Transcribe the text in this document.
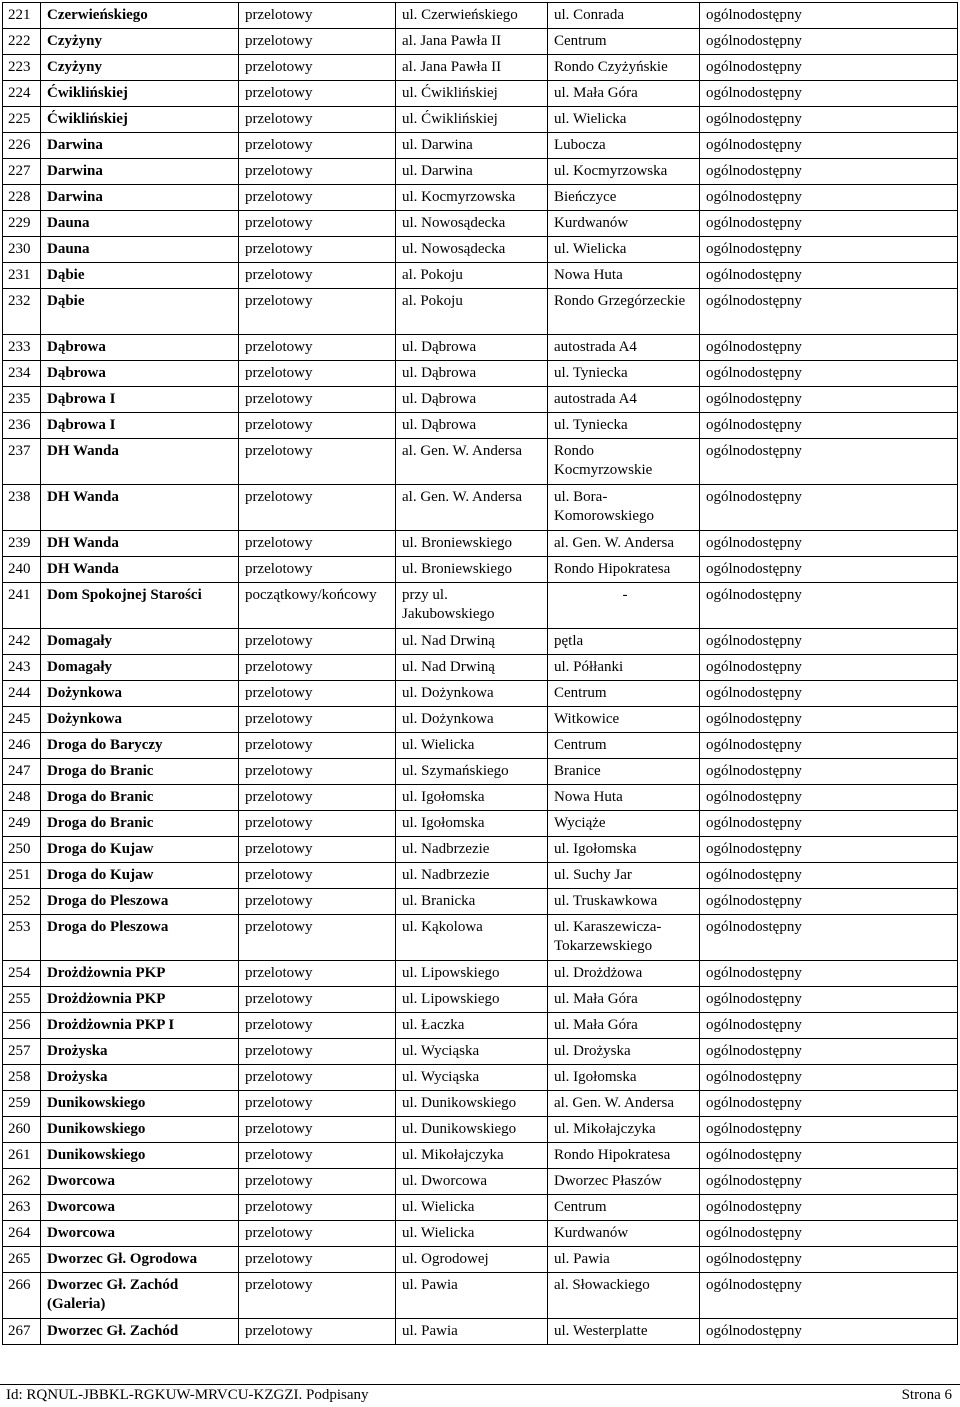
221	Czerwieńskiego	przelotowy	ul. Czerwieńskiego	ul. Conrada	ogólnodostępny
222	Czyżyny	przelotowy	al. Jana Pawła II	Centrum	ogólnodostępny
223	Czyżyny	przelotowy	al. Jana Pawła II	Rondo Czyżyńskie	ogólnodostępny
224	Ćwiklińskiej	przelotowy	ul. Ćwiklińskiej	ul. Mała Góra	ogólnodostępny
225	Ćwiklińskiej	przelotowy	ul. Ćwiklińskiej	ul. Wielicka	ogólnodostępny
226	Darwina	przelotowy	ul. Darwina	Lubocza	ogólnodostępny
227	Darwina	przelotowy	ul. Darwina	ul. Kocmyrzowska	ogólnodostępny
228	Darwina	przelotowy	ul. Kocmyrzowska	Bieńczyce	ogólnodostępny
229	Dauna	przelotowy	ul. Nowosądecka	Kurdwanów	ogólnodostępny
230	Dauna	przelotowy	ul. Nowosądecka	ul. Wielicka	ogólnodostępny
231	Dąbie	przelotowy	al. Pokoju	Nowa Huta	ogólnodostępny
232	Dąbie	przelotowy	al. Pokoju	Rondo Grzegórzeckie	ogólnodostępny
233	Dąbrowa	przelotowy	ul. Dąbrowa	autostrada A4	ogólnodostępny
234	Dąbrowa	przelotowy	ul. Dąbrowa	ul. Tyniecka	ogólnodostępny
235	Dąbrowa I	przelotowy	ul. Dąbrowa	autostrada A4	ogólnodostępny
236	Dąbrowa I	przelotowy	ul. Dąbrowa	ul. Tyniecka	ogólnodostępny
237	DH Wanda	przelotowy	al. Gen. W. Andersa	Rondo Kocmyrzowskie	ogólnodostępny
238	DH Wanda	przelotowy	al. Gen. W. Andersa	ul. Bora-Komorowskiego	ogólnodostępny
239	DH Wanda	przelotowy	ul. Broniewskiego	al. Gen. W. Andersa	ogólnodostępny
240	DH Wanda	przelotowy	ul. Broniewskiego	Rondo Hipokratesa	ogólnodostępny
241	Dom Spokojnej Starości	początkowy/końcowy	przy ul. Jakubowskiego	-	ogólnodostępny
242	Domagały	przelotowy	ul. Nad Drwiną	pętla	ogólnodostępny
243	Domagały	przelotowy	ul. Nad Drwiną	ul. Półłanki	ogólnodostępny
244	Dożynkowa	przelotowy	ul. Dożynkowa	Centrum	ogólnodostępny
245	Dożynkowa	przelotowy	ul. Dożynkowa	Witkowice	ogólnodostępny
246	Droga do Baryczy	przelotowy	ul. Wielicka	Centrum	ogólnodostępny
247	Droga do Branic	przelotowy	ul. Szymańskiego	Branice	ogólnodostępny
248	Droga do Branic	przelotowy	ul. Igołomska	Nowa Huta	ogólnodostępny
249	Droga do Branic	przelotowy	ul. Igołomska	Wyciąże	ogólnodostępny
250	Droga do Kujaw	przelotowy	ul. Nadbrzezie	ul. Igołomska	ogólnodostępny
251	Droga do Kujaw	przelotowy	ul. Nadbrzezie	ul. Suchy Jar	ogólnodostępny
252	Droga do Pleszowa	przelotowy	ul. Branicka	ul. Truskawkowa	ogólnodostępny
253	Droga do Pleszowa	przelotowy	ul. Kąkolowa	ul. Karaszewicza-Tokarzewskiego	ogólnodostępny
254	Drożdżownia PKP	przelotowy	ul. Lipowskiego	ul. Drożdżowa	ogólnodostępny
255	Drożdżownia PKP	przelotowy	ul. Lipowskiego	ul. Mała Góra	ogólnodostępny
256	Drożdżownia PKP I	przelotowy	ul. Łaczka	ul. Mała Góra	ogólnodostępny
257	Drożyska	przelotowy	ul. Wyciąska	ul. Drożyska	ogólnodostępny
258	Drożyska	przelotowy	ul. Wyciąska	ul. Igołomska	ogólnodostępny
259	Dunikowskiego	przelotowy	ul. Dunikowskiego	al. Gen. W. Andersa	ogólnodostępny
260	Dunikowskiego	przelotowy	ul. Dunikowskiego	ul. Mikołajczyka	ogólnodostępny
261	Dunikowskiego	przelotowy	ul. Mikołajczyka	Rondo Hipokratesa	ogólnodostępny
262	Dworcowa	przelotowy	ul. Dworcowa	Dworzec Płaszów	ogólnodostępny
263	Dworcowa	przelotowy	ul. Wielicka	Centrum	ogólnodostępny
264	Dworcowa	przelotowy	ul. Wielicka	Kurdwanów	ogólnodostępny
265	Dworzec Gł. Ogrodowa	przelotowy	ul. Ogrodowej	ul. Pawia	ogólnodostępny
266	Dworzec Gł. Zachód (Galeria)	przelotowy	ul. Pawia	al. Słowackiego	ogólnodostępny
267	Dworzec Gł. Zachód	przelotowy	ul. Pawia	ul. Westerplatte	ogólnodostępny
Id: RQNUL-JBBKL-RGKUW-MRVCU-KZGZI. Podpisany	Strona 6
